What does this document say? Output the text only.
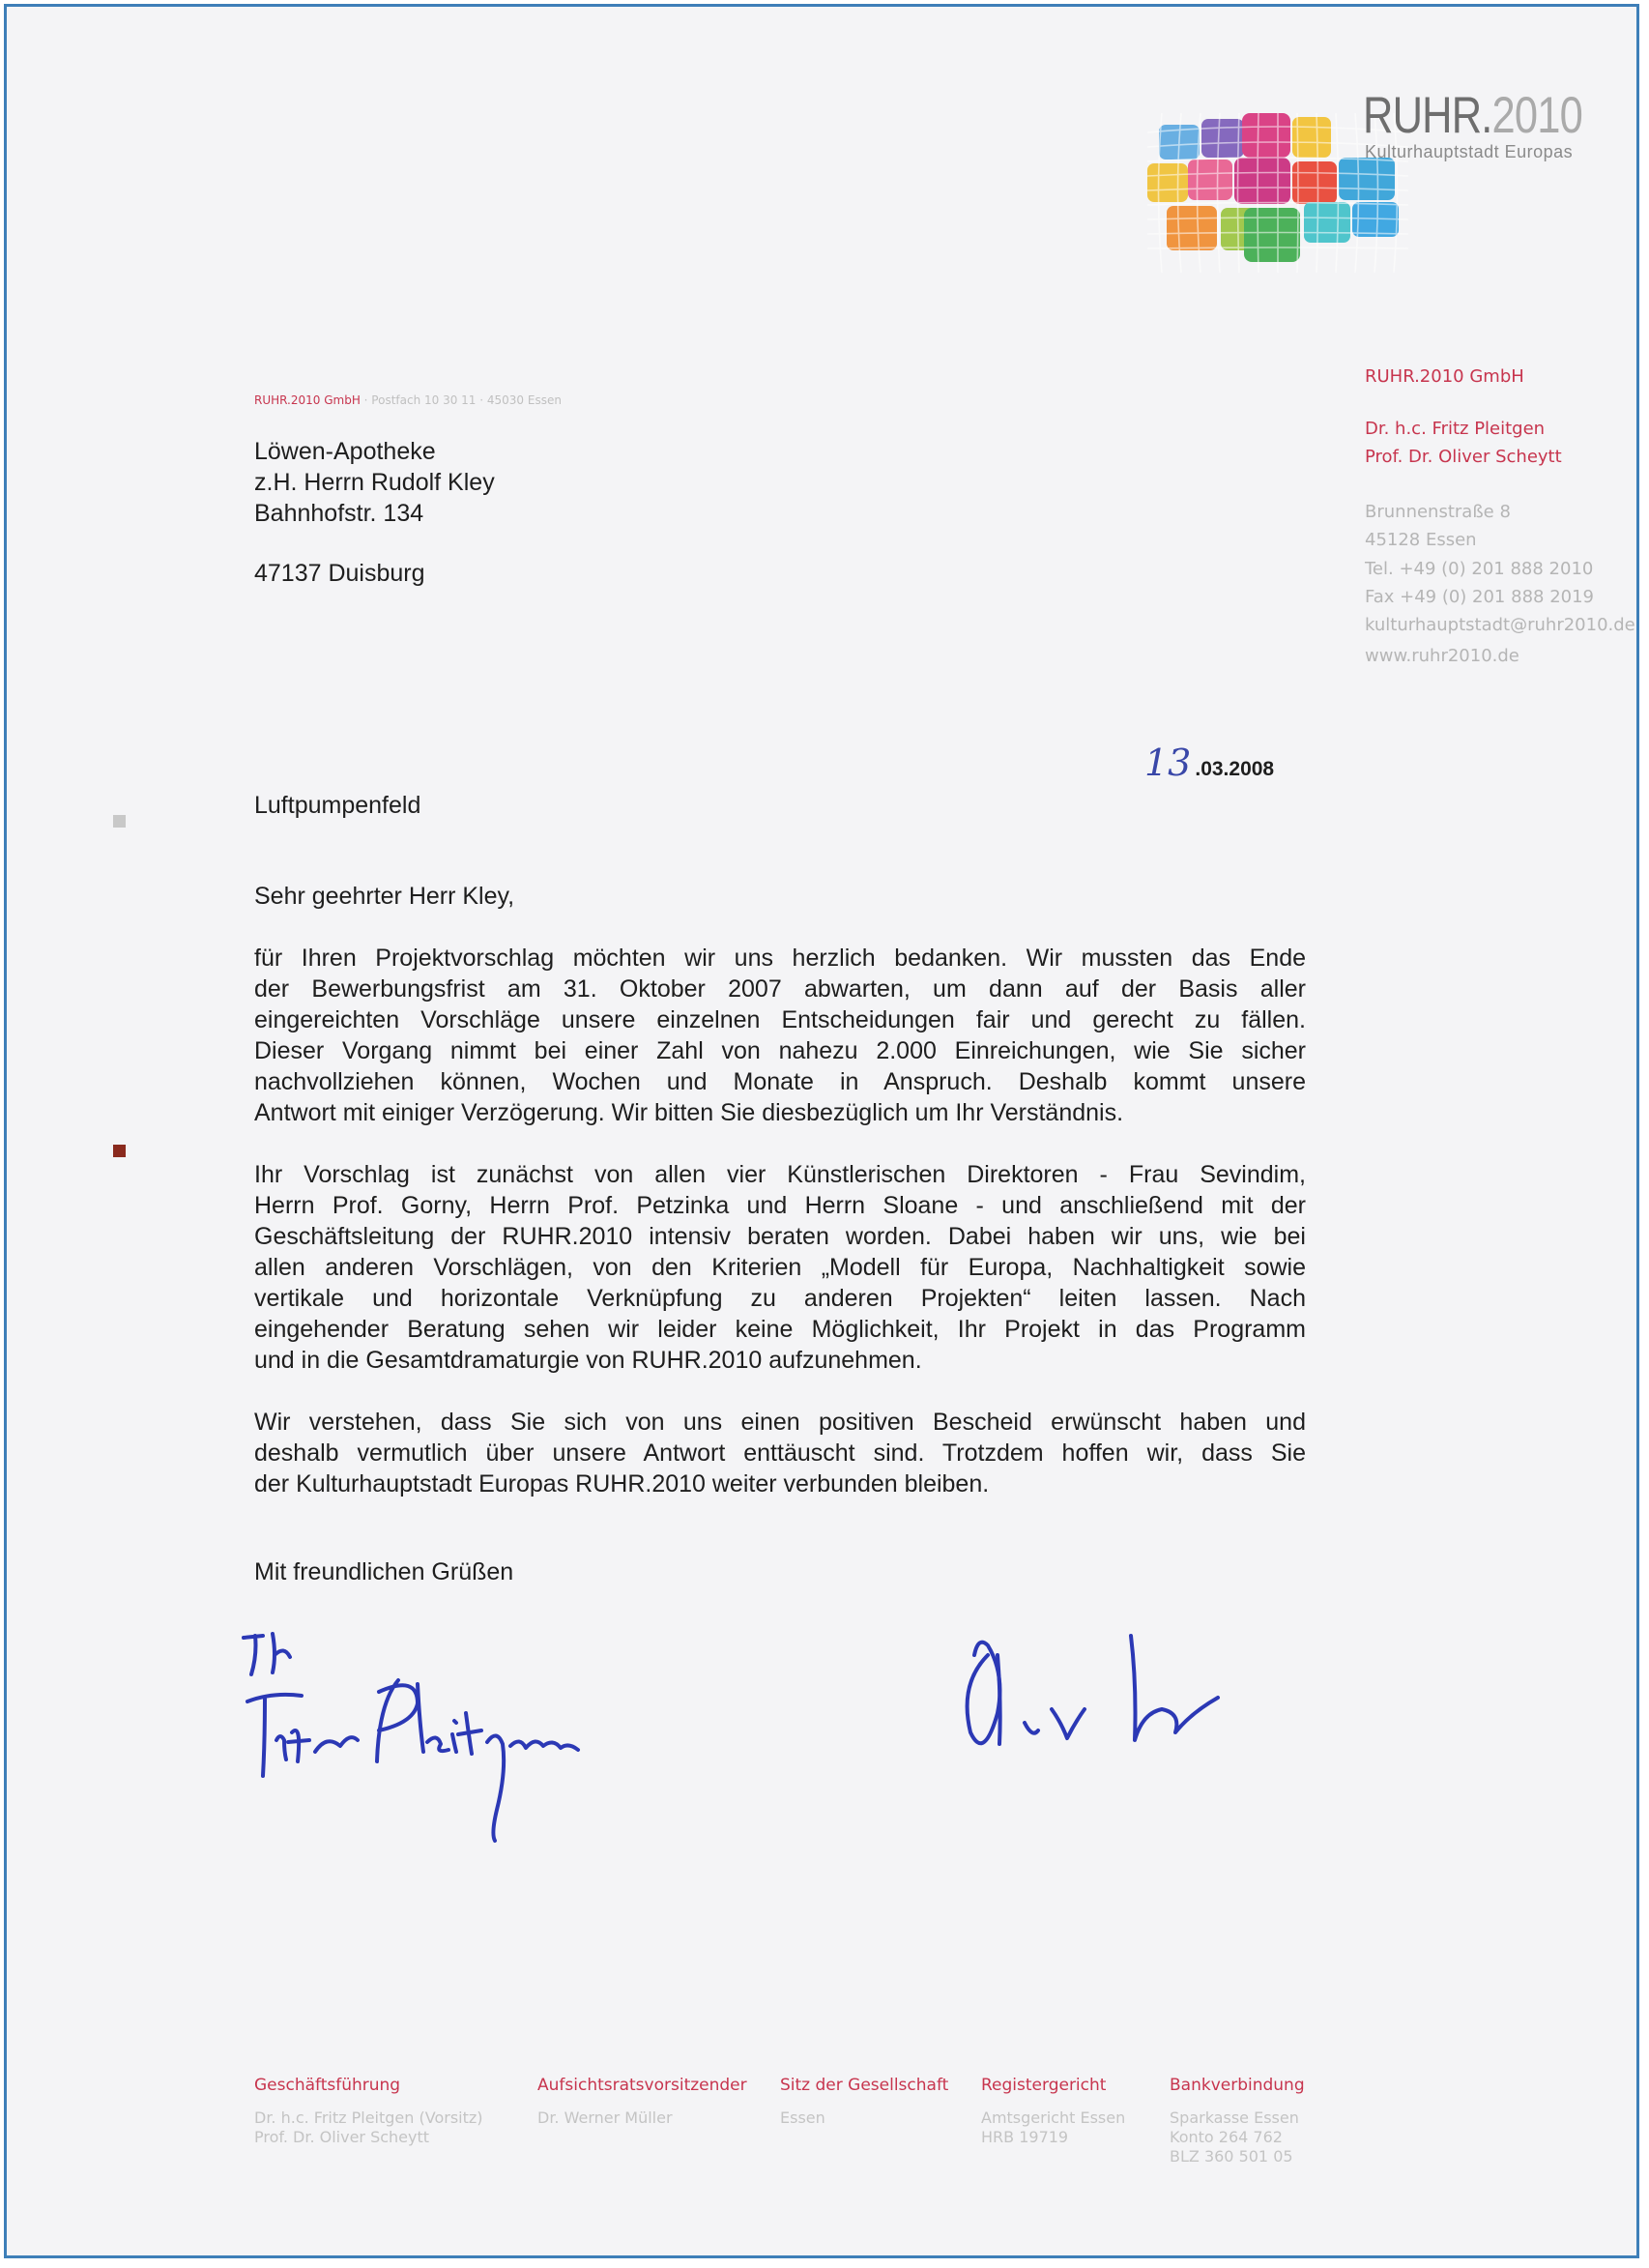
RUHR.2010
Kulturhauptstadt Europas
RUHR.2010 GmbH
Dr. h.c. Fritz Pleitgen
Prof. Dr. Oliver Scheytt
Brunnenstraße 8
45128 Essen
Tel. +49 (0) 201 888 2010
Fax +49 (0) 201 888 2019
kulturhauptstadt@ruhr2010.de
www.ruhr2010.de
RUHR.2010 GmbH · Postfach 10 30 11 · 45030 Essen
Löwen-Apotheke
z.H. Herrn Rudolf Kley
Bahnhofstr. 134
47137 Duisburg
13 .03.2008
Luftpumpenfeld
Sehr geehrter Herr Kley,
für Ihren Projektvorschlag möchten wir uns herzlich bedanken. Wir mussten das Ende
der Bewerbungsfrist am 31. Oktober 2007 abwarten, um dann auf der Basis aller
eingereichten Vorschläge unsere einzelnen Entscheidungen fair und gerecht zu fällen.
Dieser Vorgang nimmt bei einer Zahl von nahezu 2.000 Einreichungen, wie Sie sicher
nachvollziehen können, Wochen und Monate in Anspruch. Deshalb kommt unsere
Antwort mit einiger Verzögerung. Wir bitten Sie diesbezüglich um Ihr Verständnis.
Ihr Vorschlag ist zunächst von allen vier Künstlerischen Direktoren - Frau Sevindim,
Herrn Prof. Gorny, Herrn Prof. Petzinka und Herrn Sloane - und anschließend mit der
Geschäftsleitung der RUHR.2010 intensiv beraten worden. Dabei haben wir uns, wie bei
allen anderen Vorschlägen, von den Kriterien „Modell für Europa, Nachhaltigkeit sowie
vertikale und horizontale Verknüpfung zu anderen Projekten“ leiten lassen. Nach
eingehender Beratung sehen wir leider keine Möglichkeit, Ihr Projekt in das Programm
und in die Gesamtdramaturgie von RUHR.2010 aufzunehmen.
Wir verstehen, dass Sie sich von uns einen positiven Bescheid erwünscht haben und
deshalb vermutlich über unsere Antwort enttäuscht sind. Trotzdem hoffen wir, dass Sie
der Kulturhauptstadt Europas RUHR.2010 weiter verbunden bleiben.
Mit freundlichen Grüßen
Geschäftsführung
Dr. h.c. Fritz Pleitgen (Vorsitz)
Prof. Dr. Oliver Scheytt
Aufsichtsratsvorsitzender
Dr. Werner Müller
Sitz der Gesellschaft
Essen
Registergericht
Amtsgericht Essen
HRB 19719
Bankverbindung
Sparkasse Essen
Konto 264 762
BLZ 360 501 05
